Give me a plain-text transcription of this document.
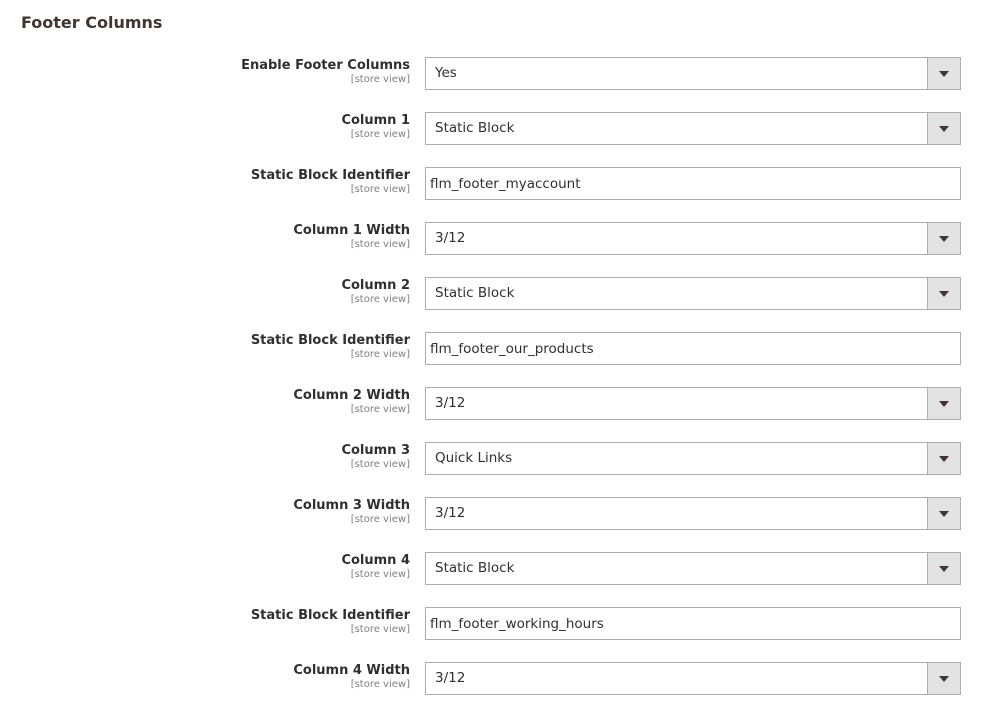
Footer Columns
Enable Footer Columns
[store view] Yes
Column 1
[store view] Static Block
Static Block Identifier
[store view]
flm_footer_myaccount
Column 1 Width
[store view] 3/12
Column 2
[store view] Static Block
Static Block Identifier
[store view]
flm_footer_our_products
Column 2 Width
[store view] 3/12
Column 3
[store view] Quick Links
Column 3 Width
[store view] 3/12
Column 4
[store view] Static Block
Static Block Identifier
[store view]
flm_footer_working_hours
Column 4 Width
[store view] 3/12
